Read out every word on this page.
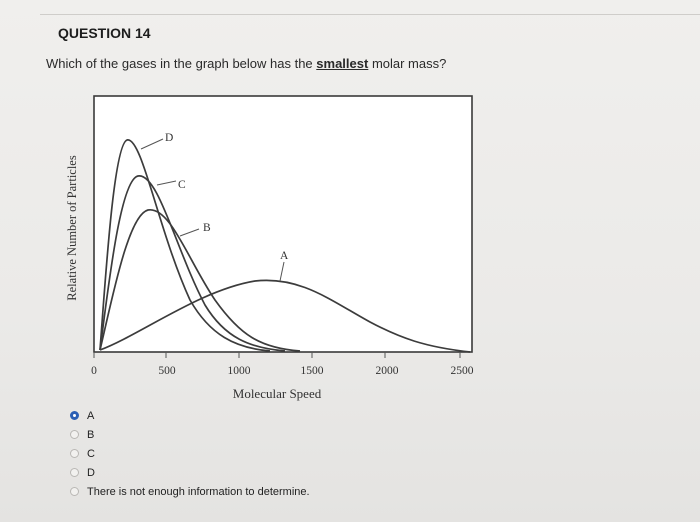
QUESTION 14
Which of the gases in the graph below has the smallest molar mass?
Relative Number of Particles
0	500	1000	1500	2000	2500
Molecular Speed
D
C
B
A
A
B
C
D
There is not enough information to determine.
